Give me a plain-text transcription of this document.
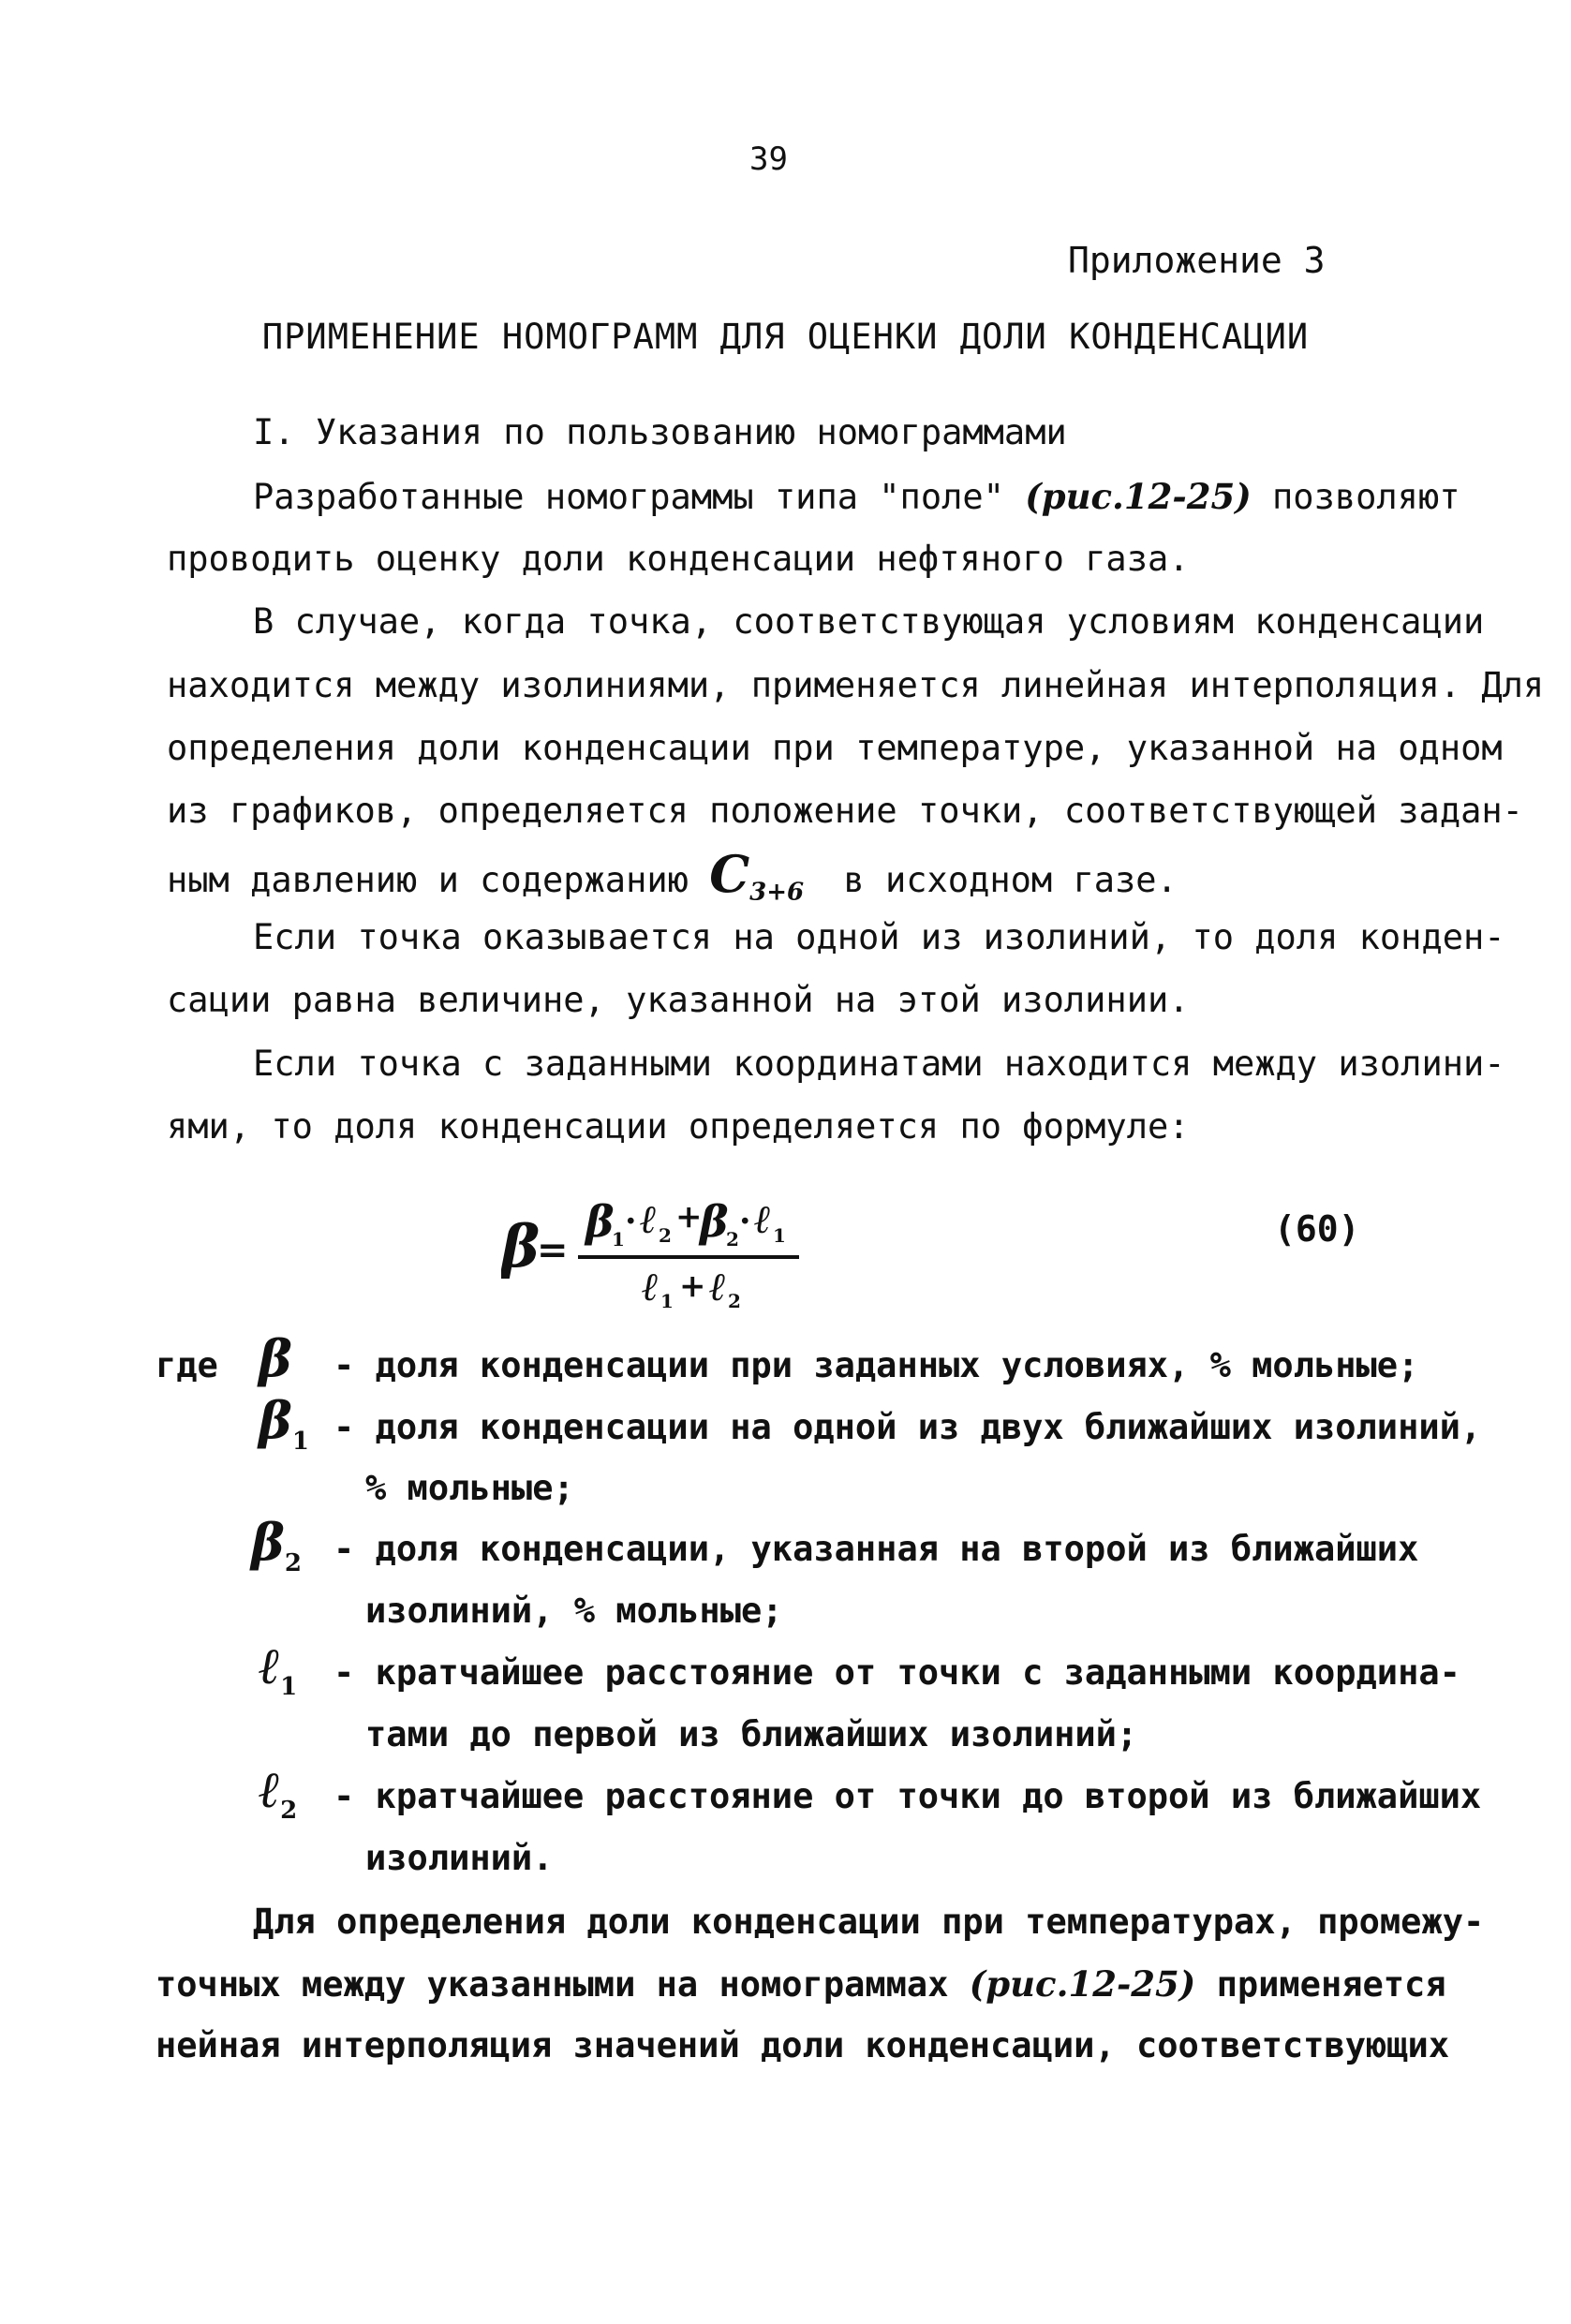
39
Приложение 3
ПРИМЕНЕНИЕ НОМОГРАММ ДЛЯ ОЦЕНКИ ДОЛИ КОНДЕНСАЦИИ
I. Указания по пользованию номограммами
Разработанные номограммы типа "поле" (рис.12-25) позволяют
проводить оценку доли конденсации нефтяного газа.
В случае, когда точка, соответствующая условиям конденсации
находится между изолиниями, применяется линейная интерполяция. Для
определения доли конденсации при температуре, указанной на одном
из графиков, определяется положение точки, соответствующей задан-
ным давлению и содержанию $C_{3+6}$ в исходном газе.
Если точка оказывается на одной из изолиний, то доля конден-
сации равна величине, указанной на этой изолинии.
Если точка с заданными координатами находится между изолини-
ями, то доля конденсации определяется по формуле:
β
=
β
1 · ℓ 2 +
β
2 · ℓ 1
ℓ 1 + ℓ 2
(60)
где β - доля конденсации при заданных условиях, % мольные;
$\beta_1$ - доля конденсации на одной из двух ближайших изолиний,
% мольные;
$\beta_2$ - доля конденсации, указанная на второй из ближайших
изолиний, % мольные;
ℓ$_1$ - кратчайшее расстояние от точки с заданными координа-
тами до первой из ближайших изолиний;
ℓ$_2$ - кратчайшее расстояние от точки до второй из ближайших
изолиний.
Для определения доли конденсации при температурах, промежу-
точных между указанными на номограммах (рис.12-25) применяется
нейная интерполяция значений доли конденсации, соответствующих
